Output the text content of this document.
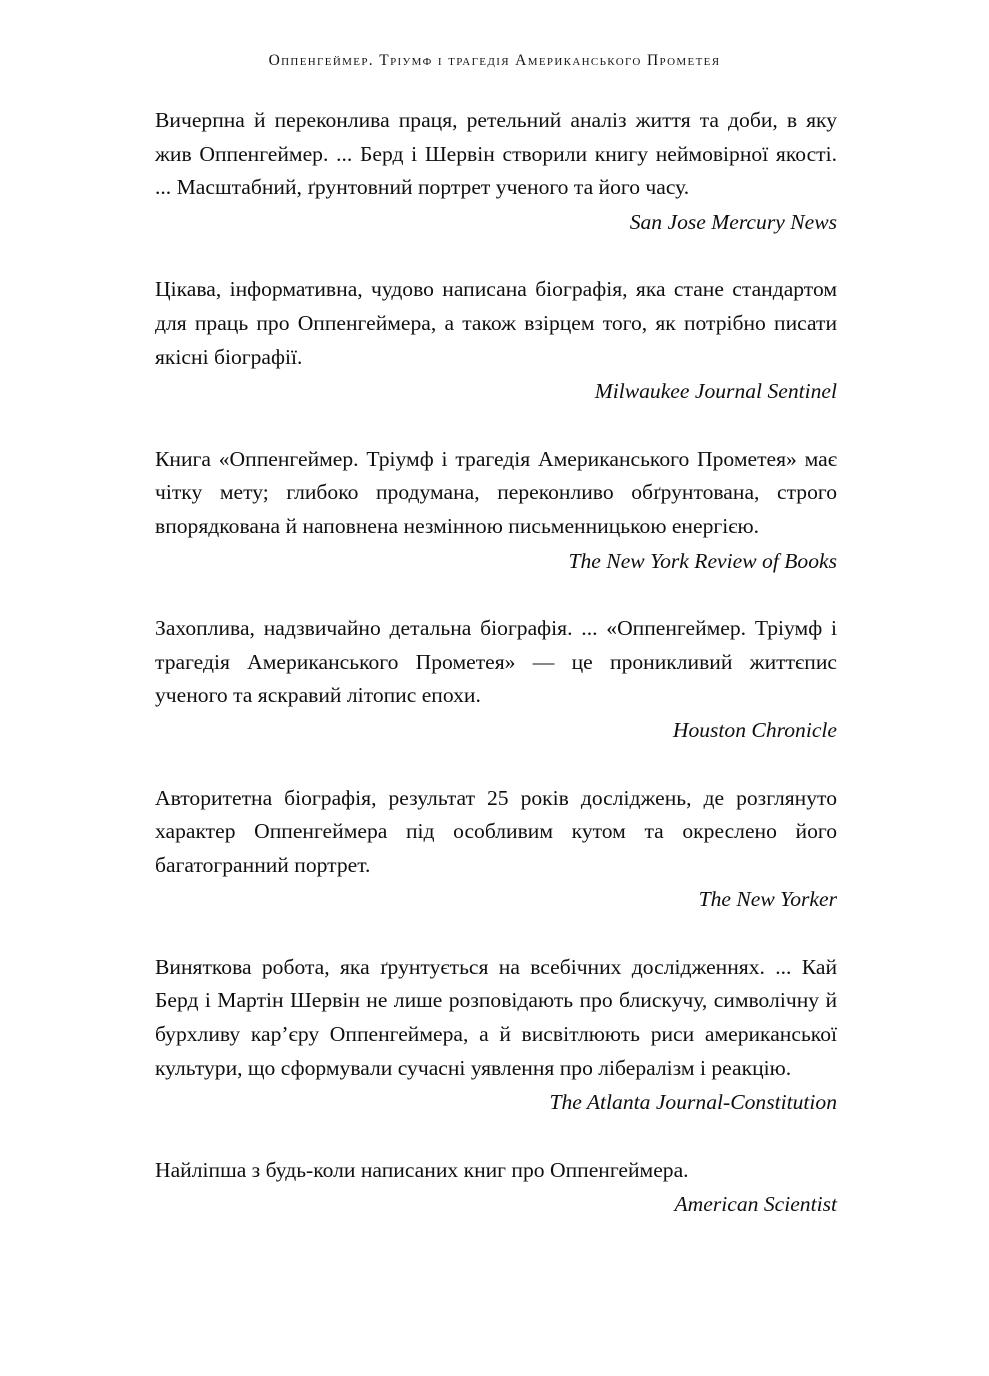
Оппенгеймер. Тріумф і трагедія Американського Прометея

Вичерпна й переконлива праця, ретельний аналіз життя та доби, в яку жив Оппенгеймер. ... Берд і Шервін створили книгу неймовірної якості. ... Масштабний, ґрунтовний портрет ученого та його часу.

San Jose Mercury News

Цікава, інформативна, чудово написана біографія, яка стане стандартом для праць про Оппенгеймера, а також взірцем того, як потрібно писати якісні біографії.

Milwaukee Journal Sentinel

Книга «Оппенгеймер. Тріумф і трагедія Американського Прометея» має чітку мету; глибоко продумана, переконливо обґрунтована, строго впорядкована й наповнена незмінною письменницькою енергією.

The New York Review of Books

Захоплива, надзвичайно детальна біографія. ... «Оппенгеймер. Тріумф і трагедія Американського Прометея» — це проникливий життєпис ученого та яскравий літопис епохи.

Houston Chronicle

Авторитетна біографія, результат 25 років досліджень, де розглянуто характер Оппенгеймера під особливим кутом та окреслено його багатогранний портрет.

The New Yorker

Виняткова робота, яка ґрунтується на всебічних дослідженнях. ... Кай Берд і Мартін Шервін не лише розповідають про блискучу, символічну й бурхливу кар’єру Оппенгеймера, а й висвітлюють риси американської культури, що сформували сучасні уявлення про лібералізм і реакцію.

The Atlanta Journal-Constitution

Найліпша з будь-коли написаних книг про Оппенгеймера.

American Scientist
